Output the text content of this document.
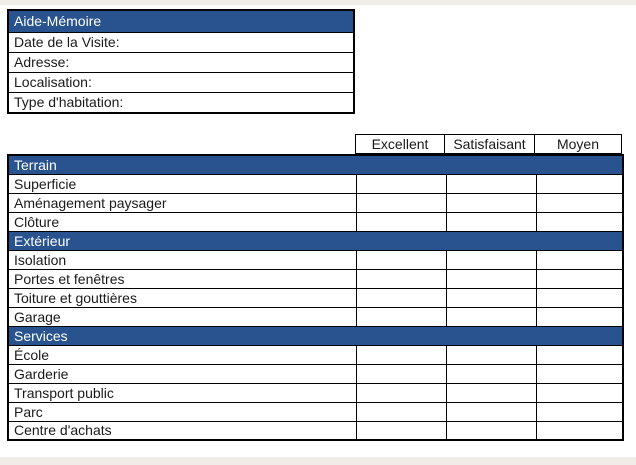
Aide-Mémoire
Date de la Visite:
Adresse:
Localisation:
Type d'habitation:
Excellent	Satisfaisant	Moyen
Terrain			
Superficie			
Aménagement paysager			
Clôture			
Extérieur			
Isolation			
Portes et fenêtres			
Toiture et gouttières			
Garage			
Services			
École			
Garderie			
Transport public			
Parc			
Centre d'achats			
